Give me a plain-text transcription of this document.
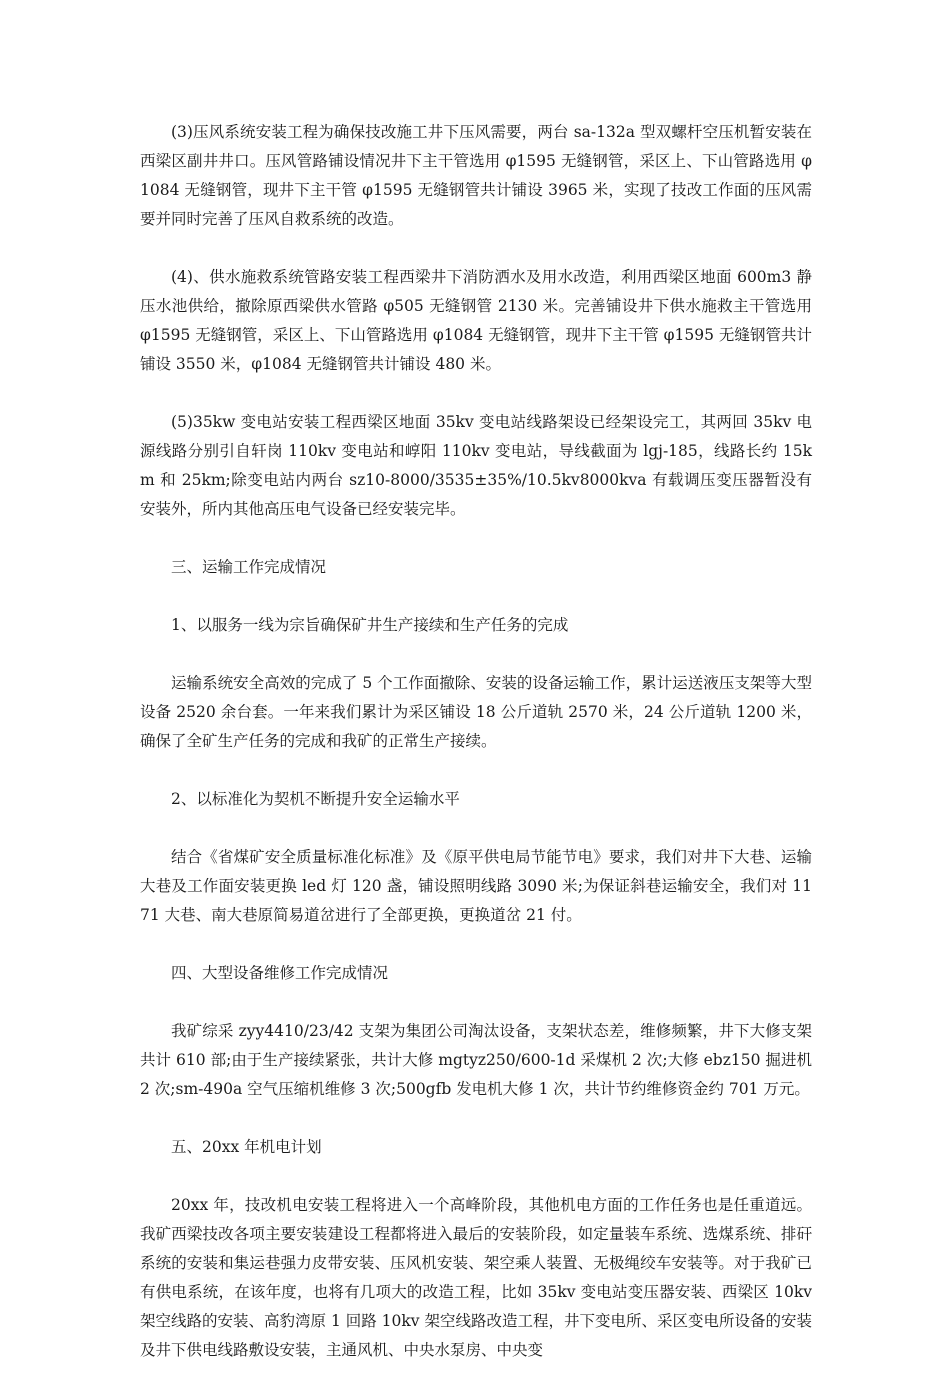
(3)压风系统安装工程为确保技改施工井下压风需要，两台 sa-132a 型双螺杆空压机暂安装在西梁区副井井口。压风管路铺设情况井下主干管选用 φ1595 无缝钢管，采区上、下山管路选用 φ1084 无缝钢管，现井下主干管 φ1595 无缝钢管共计铺设 3965 米，实现了技改工作面的压风需要并同时完善了压风自救系统的改造。

(4)、供水施救系统管路安装工程西梁井下消防洒水及用水改造，利用西梁区地面 600m3 静压水池供给，撤除原西梁供水管路 φ505 无缝钢管 2130 米。完善铺设井下供水施救主干管选用 φ1595 无缝钢管，采区上、下山管路选用 φ1084 无缝钢管，现井下主干管 φ1595 无缝钢管共计铺设 3550 米，φ1084 无缝钢管共计铺设 480 米。

(5)35kw 变电站安装工程西梁区地面 35kv 变电站线路架设已经架设完工，其两回 35kv 电源线路分别引自轩岗 110kv 变电站和崞阳 110kv 变电站，导线截面为 lgj-185，线路长约 15km 和 25km;除变电站内两台 sz10-8000/3535±35%/10.5kv8000kva 有载调压变压器暂没有安装外，所内其他高压电气设备已经安装完毕。

三、运输工作完成情况

1、以服务一线为宗旨确保矿井生产接续和生产任务的完成

运输系统安全高效的完成了 5 个工作面撤除、安装的设备运输工作，累计运送液压支架等大型设备 2520 余台套。一年来我们累计为采区铺设 18 公斤道轨 2570 米，24 公斤道轨 1200 米，确保了全矿生产任务的完成和我矿的正常生产接续。

2、以标准化为契机不断提升安全运输水平

结合《省煤矿安全质量标准化标准》及《原平供电局节能节电》要求，我们对井下大巷、运输大巷及工作面安装更换 led 灯 120 盏，铺设照明线路 3090 米;为保证斜巷运输安全，我们对 1171 大巷、南大巷原简易道岔进行了全部更换，更换道岔 21 付。

四、大型设备维修工作完成情况

我矿综采 zyy4410/23/42 支架为集团公司淘汰设备，支架状态差，维修频繁，井下大修支架共计 610 部;由于生产接续紧张，共计大修 mgtyz250/600-1d 采煤机 2 次;大修 ebz150 掘进机 2 次;sm-490a 空气压缩机维修 3 次;500gfb 发电机大修 1 次，共计节约维修资金约 701 万元。

五、20xx 年机电计划

20xx 年，技改机电安装工程将进入一个高峰阶段，其他机电方面的工作任务也是任重道远。我矿西梁技改各项主要安装建设工程都将进入最后的安装阶段，如定量装车系统、选煤系统、排矸系统的安装和集运巷强力皮带安装、压风机安装、架空乘人装置、无极绳绞车安装等。对于我矿已有供电系统，在该年度，也将有几项大的改造工程，比如 35kv 变电站变压器安装、西梁区 10kv 架空线路的安装、高豹湾原 1 回路 10kv 架空线路改造工程，井下变电所、采区变电所设备的安装及井下供电线路敷设安装，主通风机、中央水泵房、中央变
